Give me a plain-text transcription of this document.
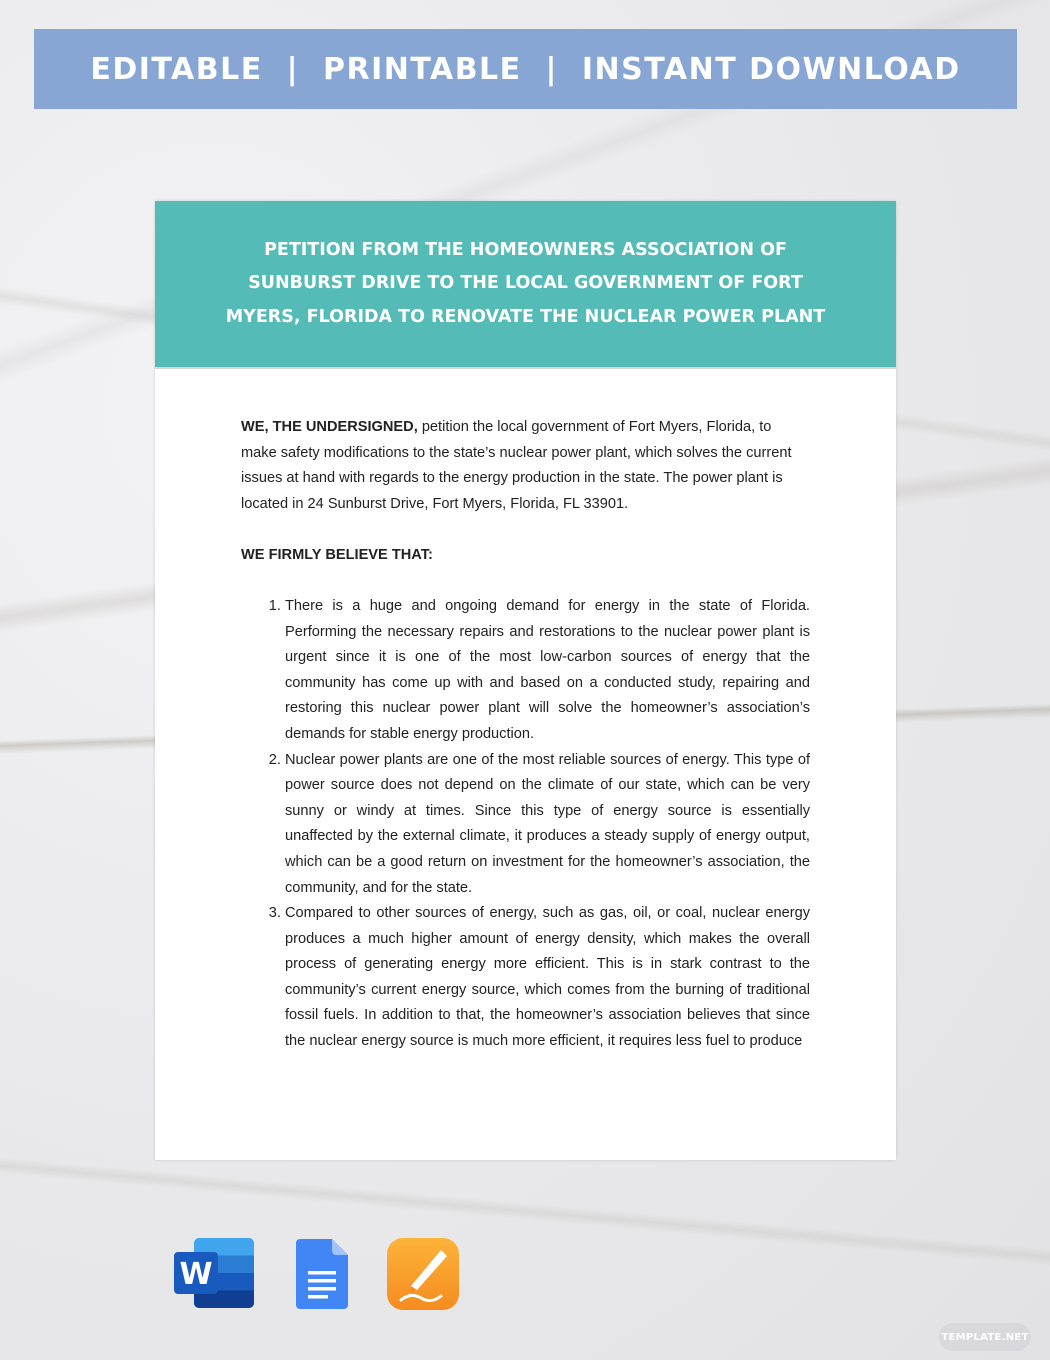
EDITABLE  |  PRINTABLE  |  INSTANT DOWNLOAD
PETITION FROM THE HOMEOWNERS ASSOCIATION OF SUNBURST DRIVE TO THE LOCAL GOVERNMENT OF FORT MYERS, FLORIDA TO RENOVATE THE NUCLEAR POWER PLANT

WE, THE UNDERSIGNED, petition the local government of Fort Myers, Florida, to make safety modifications to the state’s nuclear power plant, which solves the current issues at hand with regards to the energy production in the state. The power plant is located in 24 Sunburst Drive, Fort Myers, Florida, FL 33901.

WE FIRMLY BELIEVE THAT:

1. There is a huge and ongoing demand for energy in the state of Florida. Performing the necessary repairs and restorations to the nuclear power plant is urgent since it is one of the most low-carbon sources of energy that the community has come up with and based on a conducted study, repairing and restoring this nuclear power plant will solve the homeowner’s association’s demands for stable energy production.
2. Nuclear power plants are one of the most reliable sources of energy. This type of power source does not depend on the climate of our state, which can be very sunny or windy at times. Since this type of energy source is essentially unaffected by the external climate, it produces a steady supply of energy output, which can be a good return on investment for the homeowner’s association, the community, and for the state.
3. Compared to other sources of energy, such as gas, oil, or coal, nuclear energy produces a much higher amount of energy density, which makes the overall process of generating energy more efficient. This is in stark contrast to the community’s current energy source, which comes from the burning of traditional fossil fuels. In addition to that, the homeowner’s association believes that since the nuclear energy source is much more efficient, it requires less fuel to produce
W
TEMPLATE.NET
